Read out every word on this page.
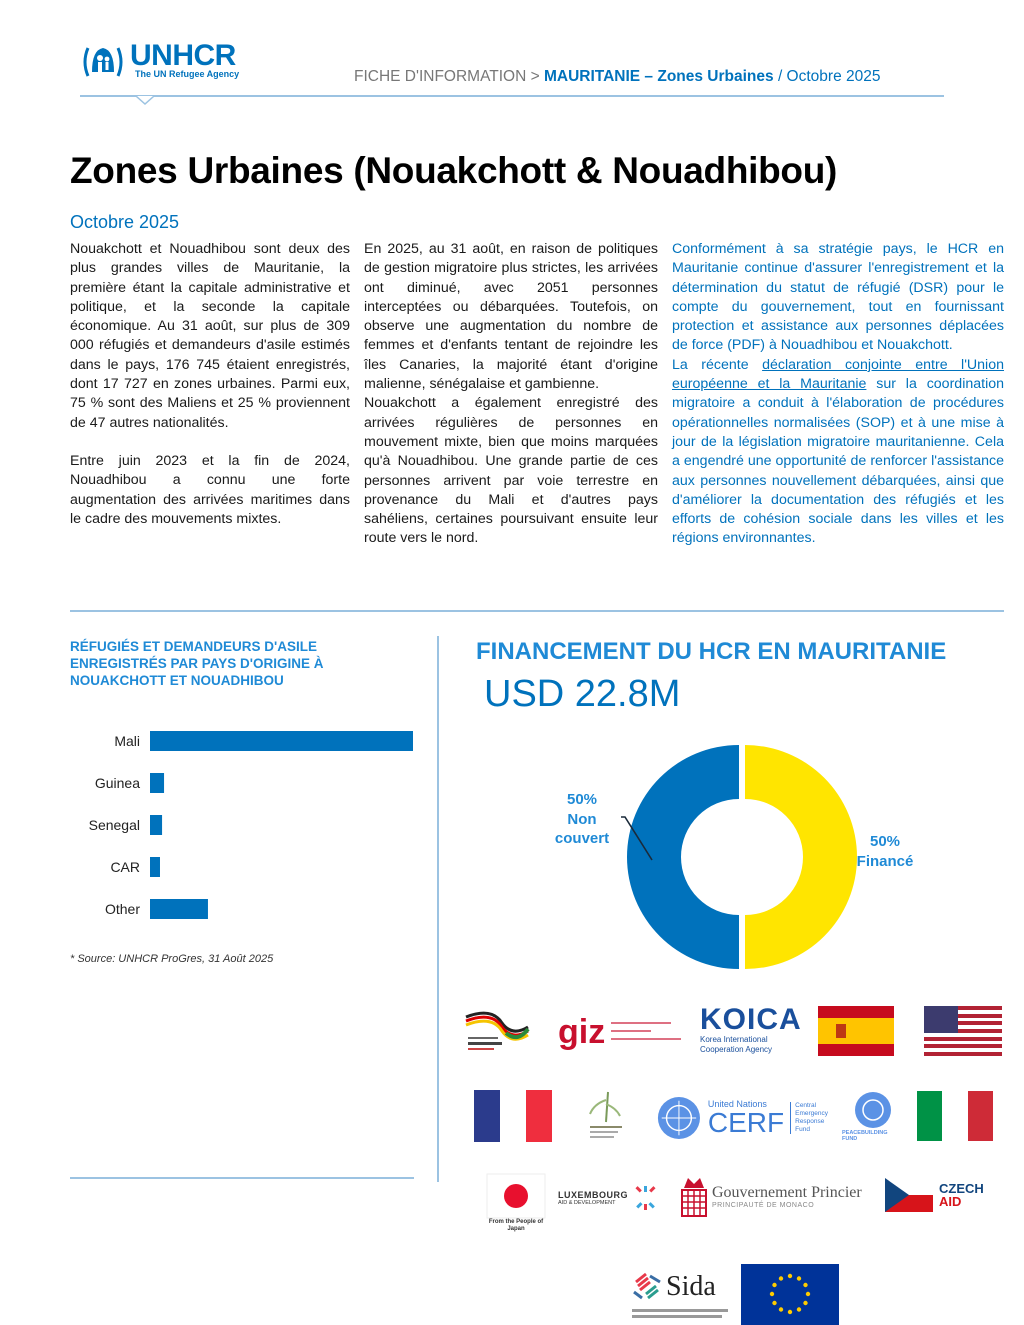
UNHCR
The UN Refugee Agency	FICHE D'INFORMATION > MAURITANIE – Zones Urbaines / Octobre 2025
Zones Urbaines (Nouakchott & Nouadhibou)
Octobre 2025

Nouakchott et Nouadhibou sont deux des plus grandes villes de Mauritanie, la première étant la capitale administrative et politique, et la seconde la capitale économique. Au 31 août, sur plus de 309 000 réfugiés et demandeurs d'asile estimés dans le pays, 176 745 étaient enregistrés, dont 17 727 en zones urbaines. Parmi eux, 75 % sont des Maliens et 25 % proviennent de 47 autres nationalités.

Entre juin 2023 et la fin de 2024, Nouadhibou a connu une forte augmentation des arrivées maritimes dans le cadre des mouvements mixtes.

En 2025, au 31 août, en raison de politiques de gestion migratoire plus strictes, les arrivées ont diminué, avec 2051 personnes interceptées ou débarquées. Toutefois, on observe une augmentation du nombre de femmes et d'enfants tentant de rejoindre les îles Canaries, la majorité étant d'origine malienne, sénégalaise et gambienne.

Nouakchott a également enregistré des arrivées régulières de personnes en mouvement mixte, bien que moins marquées qu'à Nouadhibou. Une grande partie de ces personnes arrivent par voie terrestre en provenance du Mali et d'autres pays sahéliens, certaines poursuivant ensuite leur route vers le nord.

Conformément à sa stratégie pays, le HCR en Mauritanie continue d'assurer l'enregistrement et la détermination du statut de réfugié (DSR) pour le compte du gouvernement, tout en fournissant protection et assistance aux personnes déplacées de force (PDF) à Nouadhibou et Nouakchott.

La récente déclaration conjointe entre l'Union européenne et la Mauritanie sur la coordination migratoire a conduit à l'élaboration de procédures opérationnelles normalisées (SOP) et à une mise à jour de la législation migratoire mauritanienne. Cela a engendré une opportunité de renforcer l'assistance aux personnes nouvellement débarquées, ainsi que d'améliorer la documentation des réfugiés et les efforts de cohésion sociale dans les villes et les régions environnantes.

RÉFUGIÉS ET DEMANDEURS D'ASILE ENREGISTRÉS PAR PAYS D'ORIGINE À NOUAKCHOTT ET NOUADHIBOU
Mali
Guinea
Senegal
CAR
Other
* Source: UNHCR ProGres, 31 Août 2025
FINANCEMENT DU HCR EN MAURITANIE
USD 22.8M
50%
Non
couvert	50%
Financé
giz	KOICA
Korea International Cooperation Agency
United Nations
CERF
Central Emergency Response Fund	PEACEBUILDING FUND
From the People of Japan
LUXEMBOURG
AID & DEVELOPMENT
Gouvernement Princier
PRINCIPAUTÉ DE MONACO
CZECH
AID
Sida
